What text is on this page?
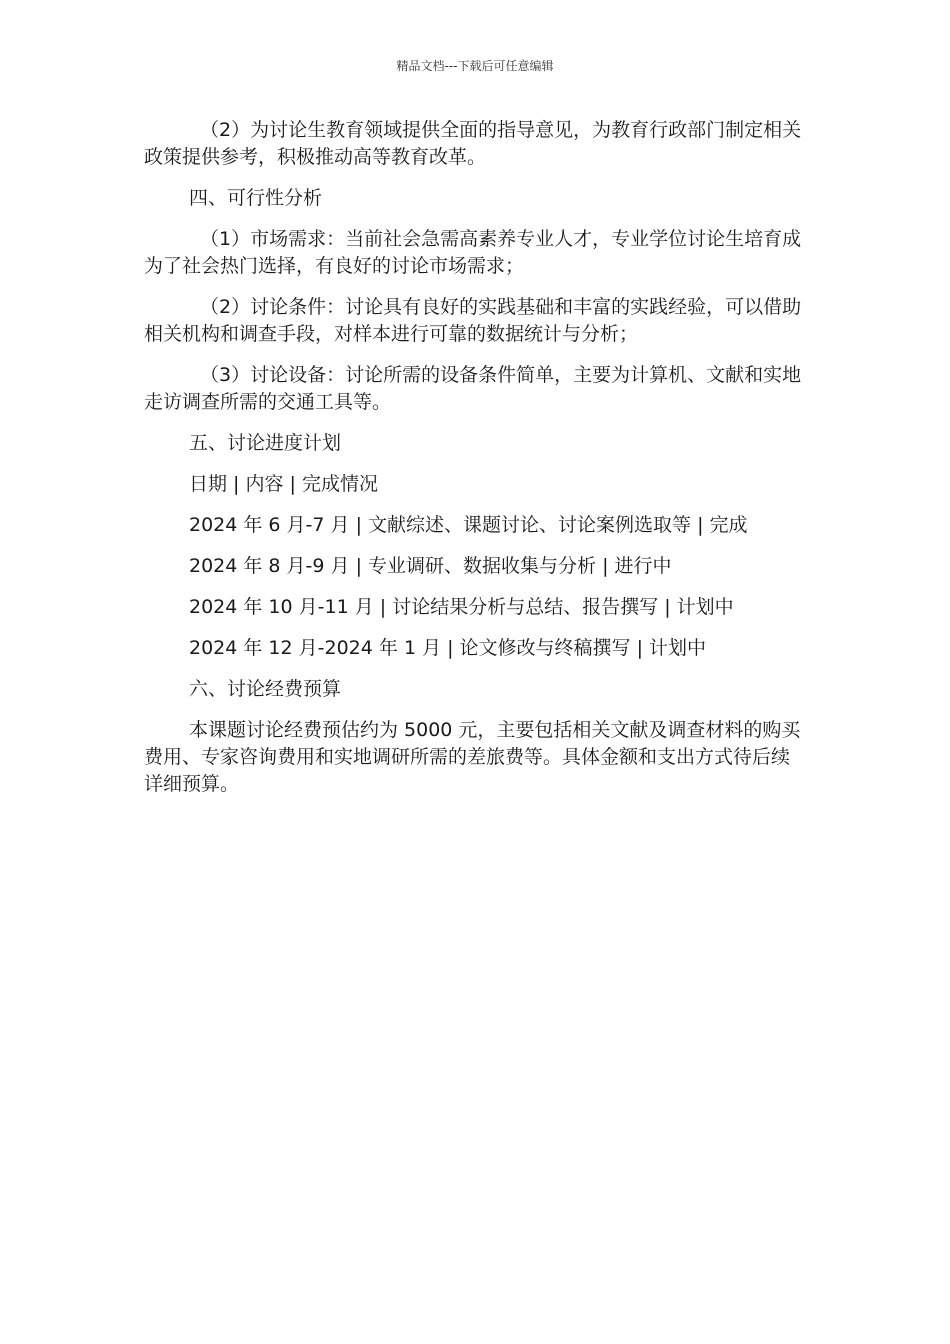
精品文档---下载后可任意编辑

（2）为讨论生教育领域提供全面的指导意见，为教育行政部门制定相关政策提供参考，积极推动高等教育改革。

四、可行性分析

（1）市场需求：当前社会急需高素养专业人才，专业学位讨论生培育成为了社会热门选择，有良好的讨论市场需求；

（2）讨论条件：讨论具有良好的实践基础和丰富的实践经验，可以借助相关机构和调查手段，对样本进行可靠的数据统计与分析；

（3）讨论设备：讨论所需的设备条件简单，主要为计算机、文献和实地走访调查所需的交通工具等。

五、讨论进度计划

日期 | 内容 | 完成情况

2024 年 6 月-7 月 | 文献综述、课题讨论、讨论案例选取等 | 完成

2024 年 8 月-9 月 | 专业调研、数据收集与分析 | 进行中

2024 年 10 月-11 月 | 讨论结果分析与总结、报告撰写 | 计划中

2024 年 12 月-2024 年 1 月 | 论文修改与终稿撰写 | 计划中

六、讨论经费预算

本课题讨论经费预估约为 5000 元，主要包括相关文献及调查材料的购买费用、专家咨询费用和实地调研所需的差旅费等。具体金额和支出方式待后续详细预算。
